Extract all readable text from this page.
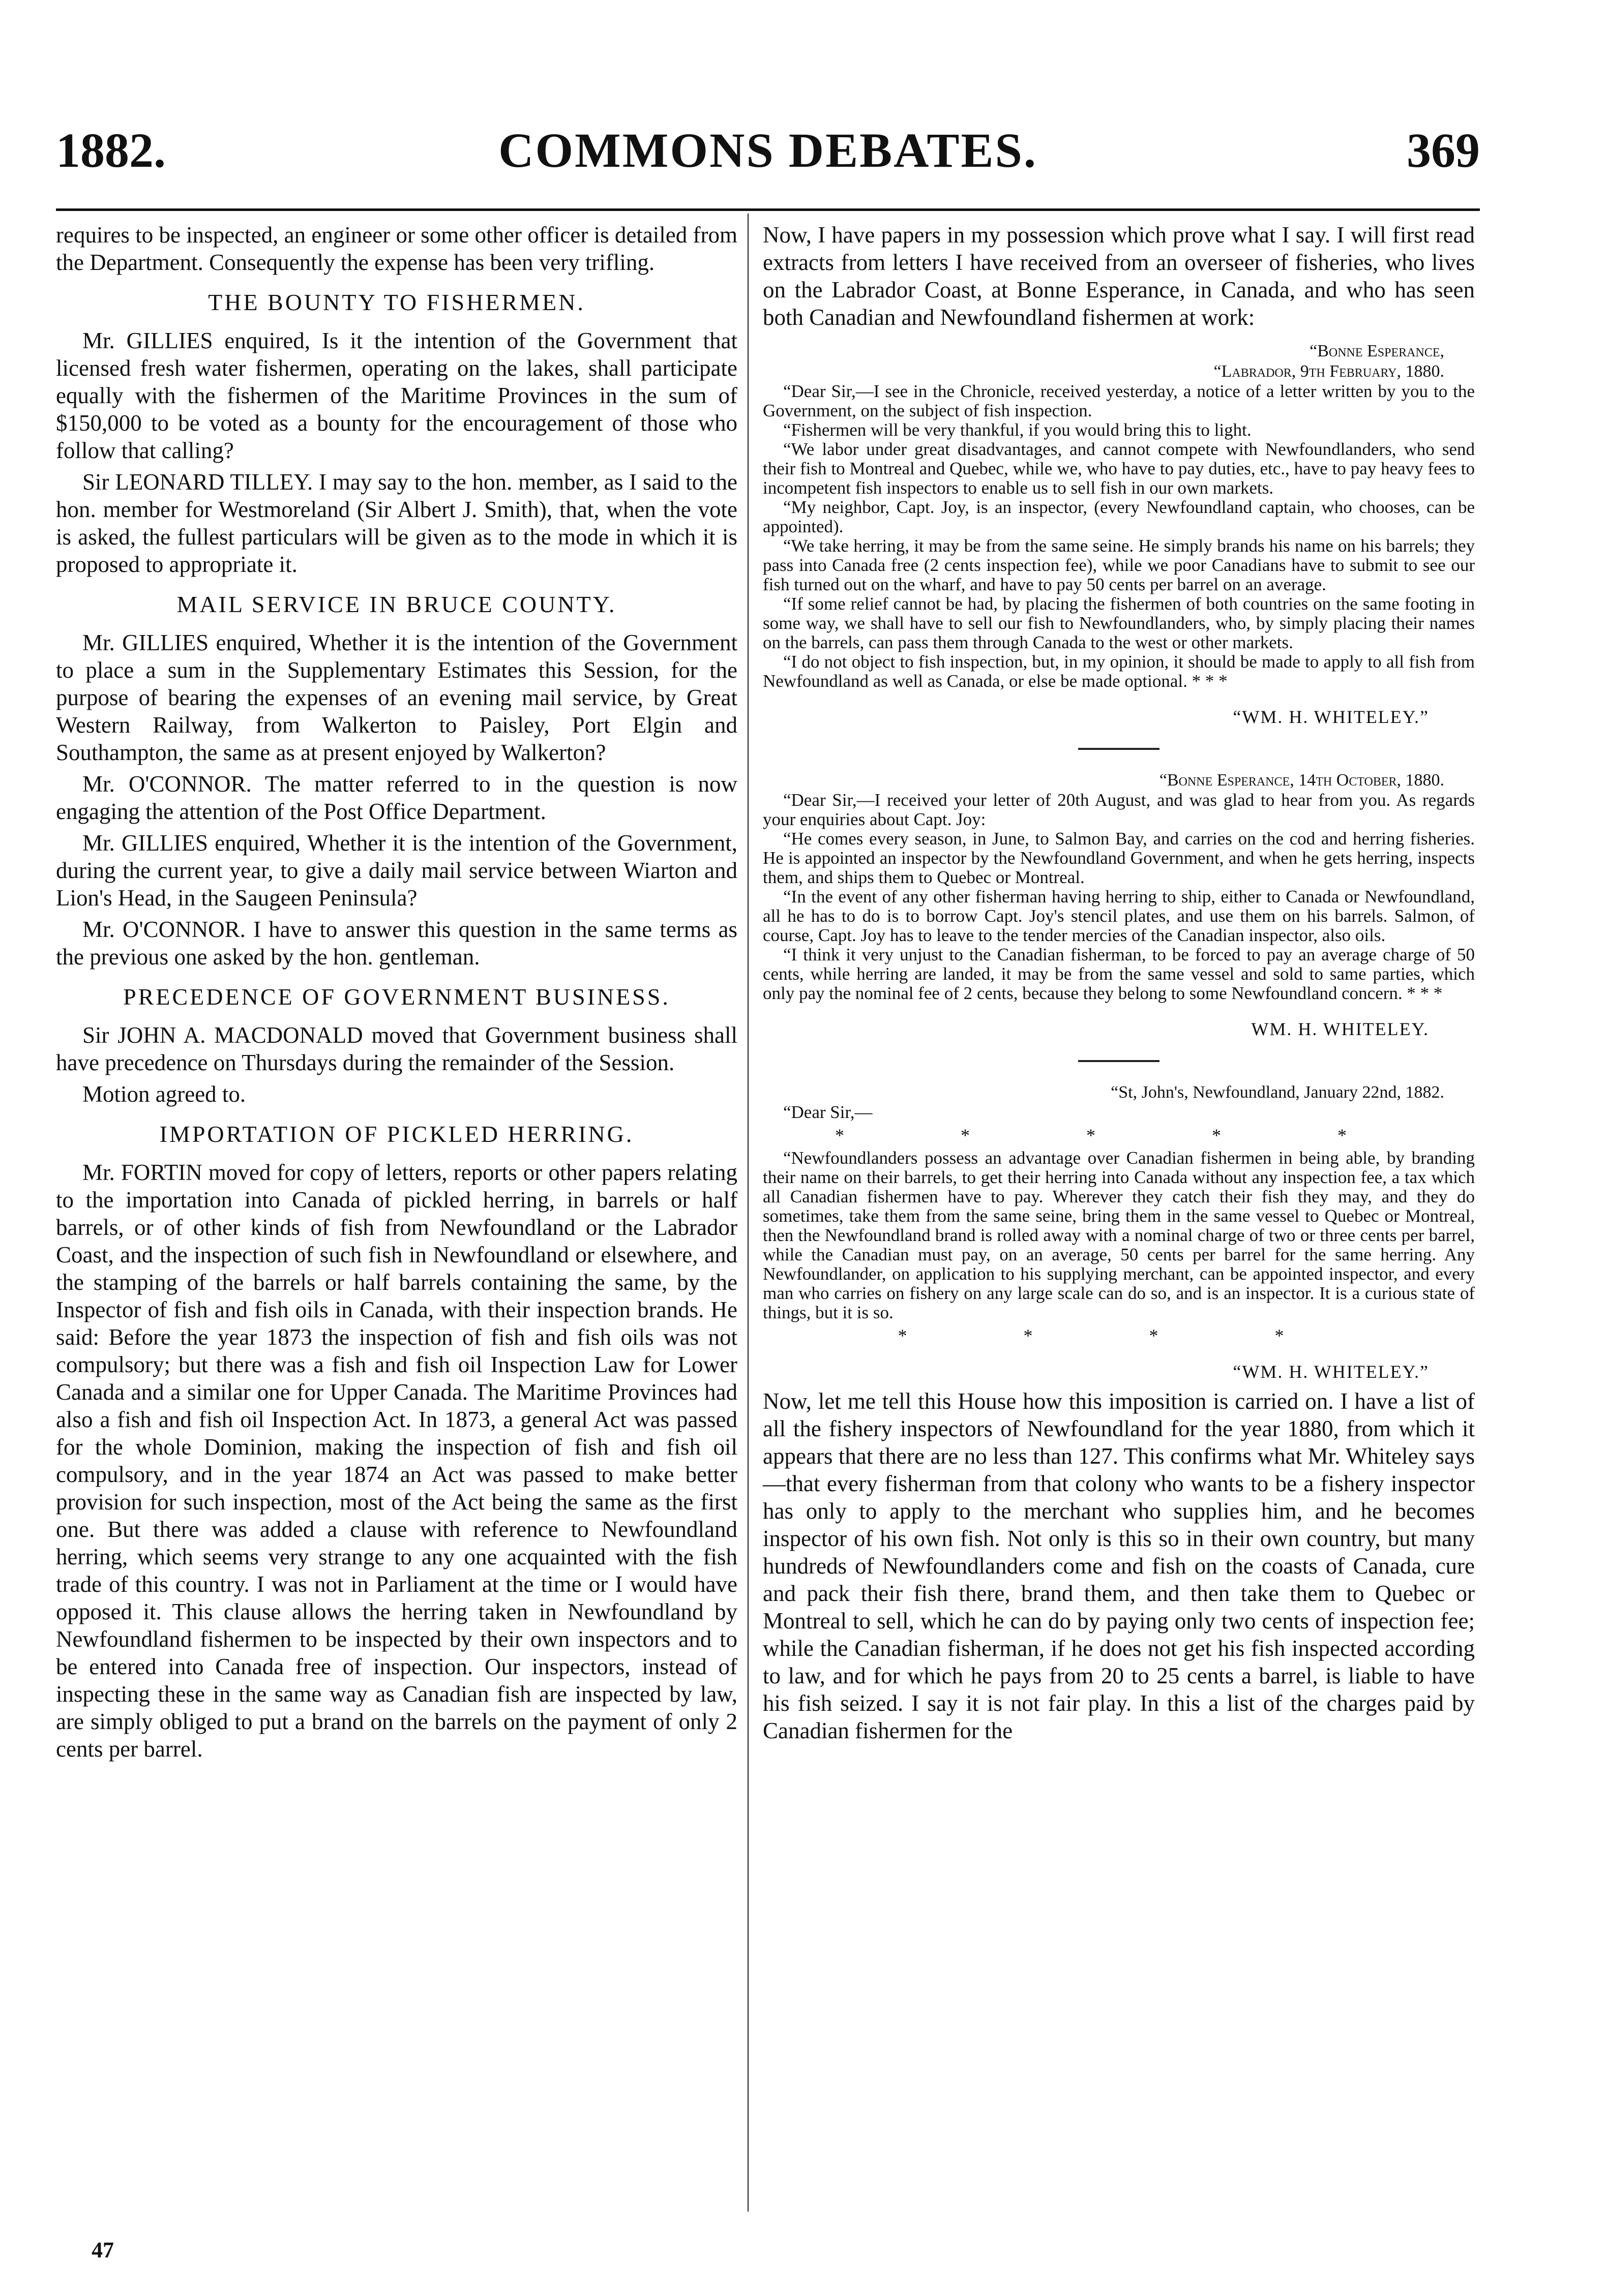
1882.	COMMONS DEBATES.	369

requires to be inspected, an engineer or some other officer is detailed from the Department. Consequently the expense has been very trifling.

THE BOUNTY TO FISHERMEN.

Mr. GILLIES enquired, Is it the intention of the Government that licensed fresh water fishermen, operating on the lakes, shall participate equally with the fishermen of the Maritime Provinces in the sum of $150,000 to be voted as a bounty for the encouragement of those who follow that calling?

Sir LEONARD TILLEY. I may say to the hon. member, as I said to the hon. member for Westmoreland (Sir Albert J. Smith), that, when the vote is asked, the fullest particulars will be given as to the mode in which it is proposed to appropriate it.

MAIL SERVICE IN BRUCE COUNTY.

Mr. GILLIES enquired, Whether it is the intention of the Government to place a sum in the Supplementary Estimates this Session, for the purpose of bearing the expenses of an evening mail service, by Great Western Railway, from Walkerton to Paisley, Port Elgin and Southampton, the same as at present enjoyed by Walkerton?

Mr. O'CONNOR. The matter referred to in the question is now engaging the attention of the Post Office Department.

Mr. GILLIES enquired, Whether it is the intention of the Government, during the current year, to give a daily mail service between Wiarton and Lion's Head, in the Saugeen Peninsula?

Mr. O'CONNOR. I have to answer this question in the same terms as the previous one asked by the hon. gentleman.

PRECEDENCE OF GOVERNMENT BUSINESS.

Sir JOHN A. MACDONALD moved that Government business shall have precedence on Thursdays during the remainder of the Session.

Motion agreed to.

IMPORTATION OF PICKLED HERRING.

Mr. FORTIN moved for copy of letters, reports or other papers relating to the importation into Canada of pickled herring, in barrels or half barrels, or of other kinds of fish from Newfoundland or the Labrador Coast, and the inspection of such fish in Newfoundland or elsewhere, and the stamping of the barrels or half barrels containing the same, by the Inspector of fish and fish oils in Canada, with their inspection brands. He said: Before the year 1873 the inspection of fish and fish oils was not compulsory; but there was a fish and fish oil Inspection Law for Lower Canada and a similar one for Upper Canada. The Maritime Provinces had also a fish and fish oil Inspection Act. In 1873, a general Act was passed for the whole Dominion, making the inspection of fish and fish oil compulsory, and in the year 1874 an Act was passed to make better provision for such inspection, most of the Act being the same as the first one. But there was added a clause with reference to Newfoundland herring, which seems very strange to any one acquainted with the fish trade of this country. I was not in Parliament at the time or I would have opposed it. This clause allows the herring taken in Newfoundland by Newfoundland fishermen to be inspected by their own inspectors and to be entered into Canada free of inspection. Our inspectors, instead of inspecting these in the same way as Canadian fish are inspected by law, are simply obliged to put a brand on the barrels on the payment of only 2 cents per barrel.

Now, I have papers in my possession which prove what I say. I will first read extracts from letters I have received from an overseer of fisheries, who lives on the Labrador Coast, at Bonne Esperance, in Canada, and who has seen both Canadian and Newfoundland fishermen at work:

“Bonne Esperance,
“Labrador, 9th February, 1880.

“Dear Sir,—I see in the Chronicle, received yesterday, a notice of a letter written by you to the Government, on the subject of fish inspection.

“Fishermen will be very thankful, if you would bring this to light.

“We labor under great disadvantages, and cannot compete with Newfoundlanders, who send their fish to Montreal and Quebec, while we, who have to pay duties, etc., have to pay heavy fees to incompetent fish inspectors to enable us to sell fish in our own markets.

“My neighbor, Capt. Joy, is an inspector, (every Newfoundland captain, who chooses, can be appointed).

“We take herring, it may be from the same seine. He simply brands his name on his barrels; they pass into Canada free (2 cents inspection fee), while we poor Canadians have to submit to see our fish turned out on the wharf, and have to pay 50 cents per barrel on an average.

“If some relief cannot be had, by placing the fishermen of both countries on the same footing in some way, we shall have to sell our fish to Newfoundlanders, who, by simply placing their names on the barrels, can pass them through Canada to the west or other markets.

“I do not object to fish inspection, but, in my opinion, it should be made to apply to all fish from Newfoundland as well as Canada, or else be made optional. * * *

“WM. H. WHITELEY.”
“Bonne Esperance, 14th October, 1880.

“Dear Sir,—I received your letter of 20th August, and was glad to hear from you. As regards your enquiries about Capt. Joy:

“He comes every season, in June, to Salmon Bay, and carries on the cod and herring fisheries. He is appointed an inspector by the Newfoundland Government, and when he gets herring, inspects them, and ships them to Quebec or Montreal.

“In the event of any other fisherman having herring to ship, either to Canada or Newfoundland, all he has to do is to borrow Capt. Joy's stencil plates, and use them on his barrels. Salmon, of course, Capt. Joy has to leave to the tender mercies of the Canadian inspector, also oils.

“I think it very unjust to the Canadian fisherman, to be forced to pay an average charge of 50 cents, while herring are landed, it may be from the same vessel and sold to same parties, which only pay the nominal fee of 2 cents, because they belong to some Newfoundland concern. * * *

WM. H. WHITELEY.
“St, John's, Newfoundland, January 22nd, 1882.

“Dear Sir,—

* * * * *

“Newfoundlanders possess an advantage over Canadian fishermen in being able, by branding their name on their barrels, to get their herring into Canada without any inspection fee, a tax which all Canadian fishermen have to pay. Wherever they catch their fish they may, and they do sometimes, take them from the same seine, bring them in the same vessel to Quebec or Montreal, then the Newfoundland brand is rolled away with a nominal charge of two or three cents per barrel, while the Canadian must pay, on an average, 50 cents per barrel for the same herring. Any Newfoundlander, on application to his supplying merchant, can be appointed inspector, and every man who carries on fishery on any large scale can do so, and is an inspector. It is a curious state of things, but it is so.

* * * *
“WM. H. WHITELEY.”

Now, let me tell this House how this imposition is carried on. I have a list of all the fishery inspectors of Newfoundland for the year 1880, from which it appears that there are no less than 127. This confirms what Mr. Whiteley says—that every fisherman from that colony who wants to be a fishery inspector has only to apply to the merchant who supplies him, and he becomes inspector of his own fish. Not only is this so in their own country, but many hundreds of Newfoundlanders come and fish on the coasts of Canada, cure and pack their fish there, brand them, and then take them to Quebec or Montreal to sell, which he can do by paying only two cents of inspection fee; while the Canadian fisherman, if he does not get his fish inspected according to law, and for which he pays from 20 to 25 cents a barrel, is liable to have his fish seized. I say it is not fair play. In this a list of the charges paid by Canadian fishermen for the

47
